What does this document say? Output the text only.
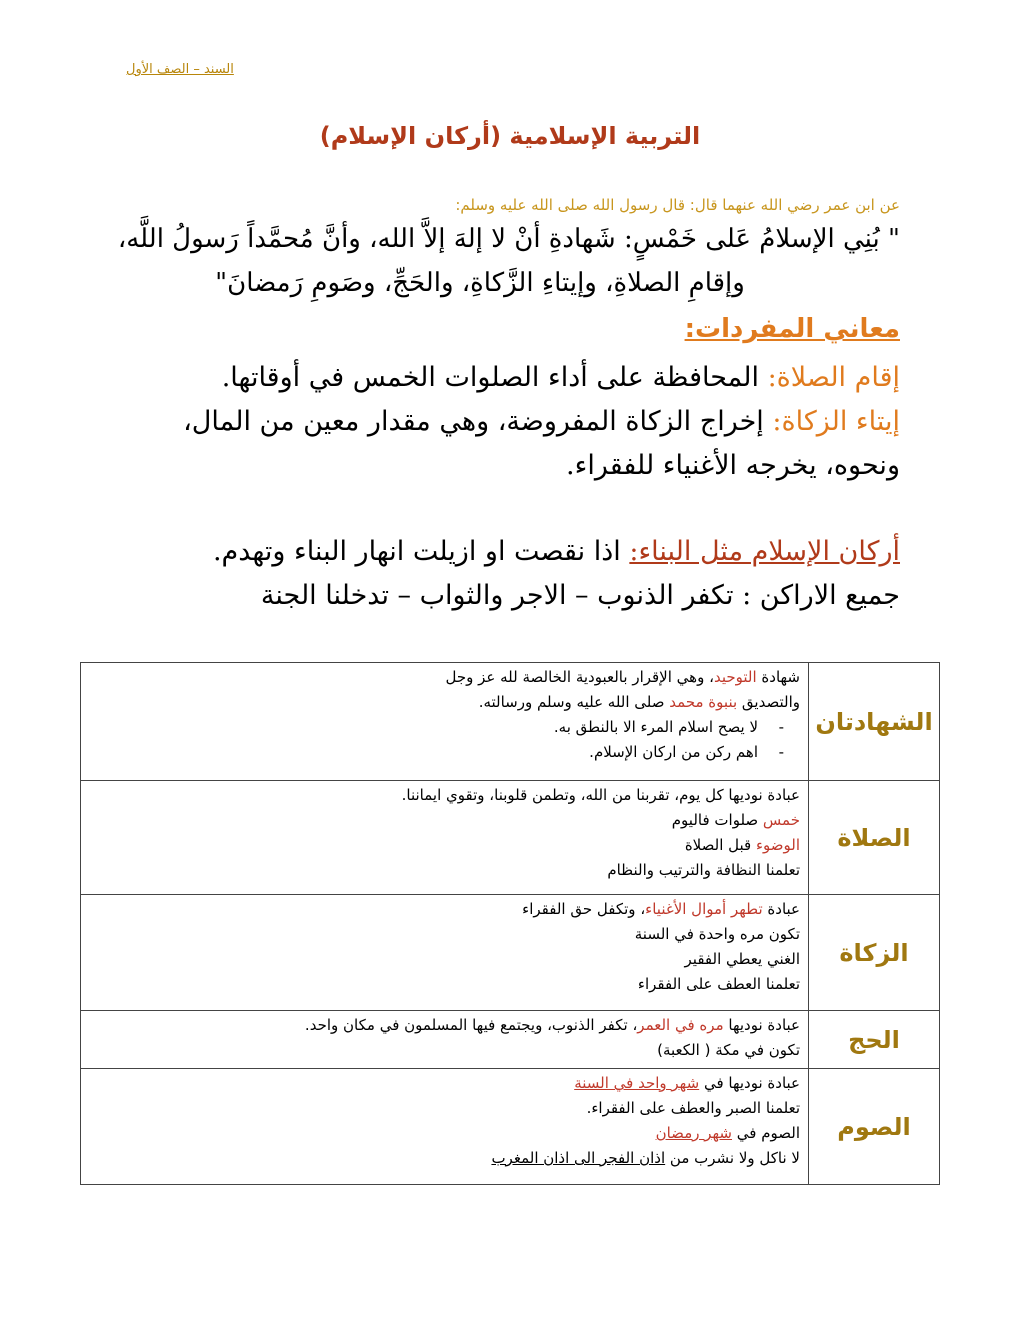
السند – الصف الأول
التربية الإسلامية (أركان الإسلام)
عن ابن عمر رضي الله عنهما قال: قال رسول الله صلى الله عليه وسلم:
" بُنِي الإسلامُ عَلى خَمْسٍ: شَهادةِ أنْ لا إلهَ إلاَّ الله، وأنَّ مُحمَّداً رَسولُ اللَّه،
وإقامِ الصلاةِ، وإيتاءِ الزَّكاةِ، والحَجِّ، وصَومِ رَمضانَ"
معاني المفردات:
إقام الصلاة: المحافظة على أداء الصلوات الخمس في أوقاتها.
إيتاء الزكاة: إخراج الزكاة المفروضة، وهي مقدار معين من المال، ونحوه، يخرجه الأغنياء للفقراء.
أركان الإسلام مثل البناء: اذا نقصت او ازيلت انهار البناء وتهدم.
جميع الاراكن : تكفر الذنوب – الاجر والثواب – تدخلنا الجنة
الشهادتان	شهادة التوحيد، وهي الإقرار بالعبودية الخالصة لله عز وجل
والتصديق بنبوة محمد صلى الله عليه وسلم ورسالته.
-لا يصح اسلام المرء الا بالنطق به.
-اهم ركن من اركان الإسلام.

الصلاة	عبادة نوديها كل يوم، تقربنا من الله، وتطمن قلوبنا، وتقوي ايماننا.
خمس صلوات فاليوم
الوضوء قبل الصلاة
تعلمنا النظافة والترتيب والنظام

الزكاة	عبادة تطهر أموال الأغنياء، وتكفل حق الفقراء
تكون مره واحدة في السنة
الغني يعطي الفقير
تعلمنا العطف على الفقراء

الحج	عبادة نوديها مره في العمر، تكفر الذنوب، ويجتمع فيها المسلمون في مكان واحد.
تكون في مكة ( الكعبة)

الصوم	عبادة نوديها في شهر واحد في السنة
تعلمنا الصبر والعطف على الفقراء.
الصوم في شهر رمضان
لا ناكل ولا نشرب من اذان الفجر الى اذان المغرب
